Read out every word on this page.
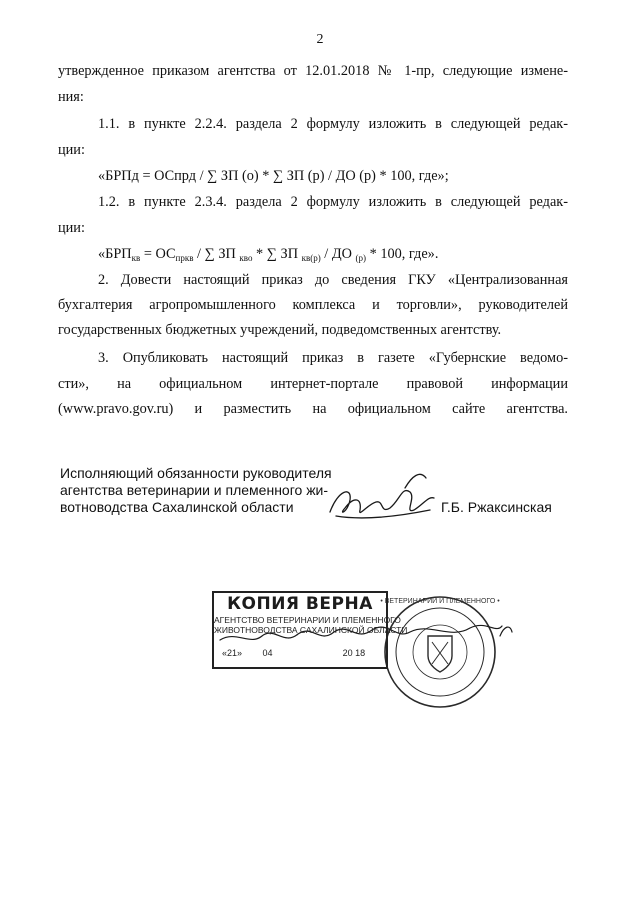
2
утвержденное приказом агентства от 12.01.2018 № 1-пр, следующие измене-
ния:
1.1. в пункте 2.2.4. раздела 2 формулу изложить в следующей редак-
ции:
«БРПд = ОСпрд / ∑ ЗП (о) * ∑ ЗП (р) / ДО (р) * 100, где»;
1.2. в пункте 2.3.4. раздела 2 формулу изложить в следующей редак-
ции:
«$БРП_{кв} = ОС_{пркв}$ / ∑ ЗП $_{кво}$ * ∑ ЗП $_{кв(р)}$ / ДО $_{(р)}$ * 100, где».
2. Довести настоящий приказ до сведения ГКУ «Централизованная
бухгалтерия агропромышленного комплекса и торговли», руководителей
государственных бюджетных учреждений, подведомственных агентству.
3. Опубликовать настоящий приказ в газете «Губернские ведомо-
сти», на официальном интернет-портале правовой информации
(www.pravo.gov.ru) и разместить на официальном сайте агентства.
Исполняющий обязанности руководителя
агентства ветеринарии и племенного жи-
вотноводства Сахалинской области	Г.Б. Ржаксинская
• ВЕТЕРИНАРИИ И ПЛЕМЕННОГО •
КОПИЯ ВЕРНА
АГЕНТСТВО ВЕТЕРИНАРИИ И ПЛЕМЕННОГО
ЖИВОТНОВОДСТВА САХАЛИНСКОЙ ОБЛАСТИ
«21» 04	20 18
